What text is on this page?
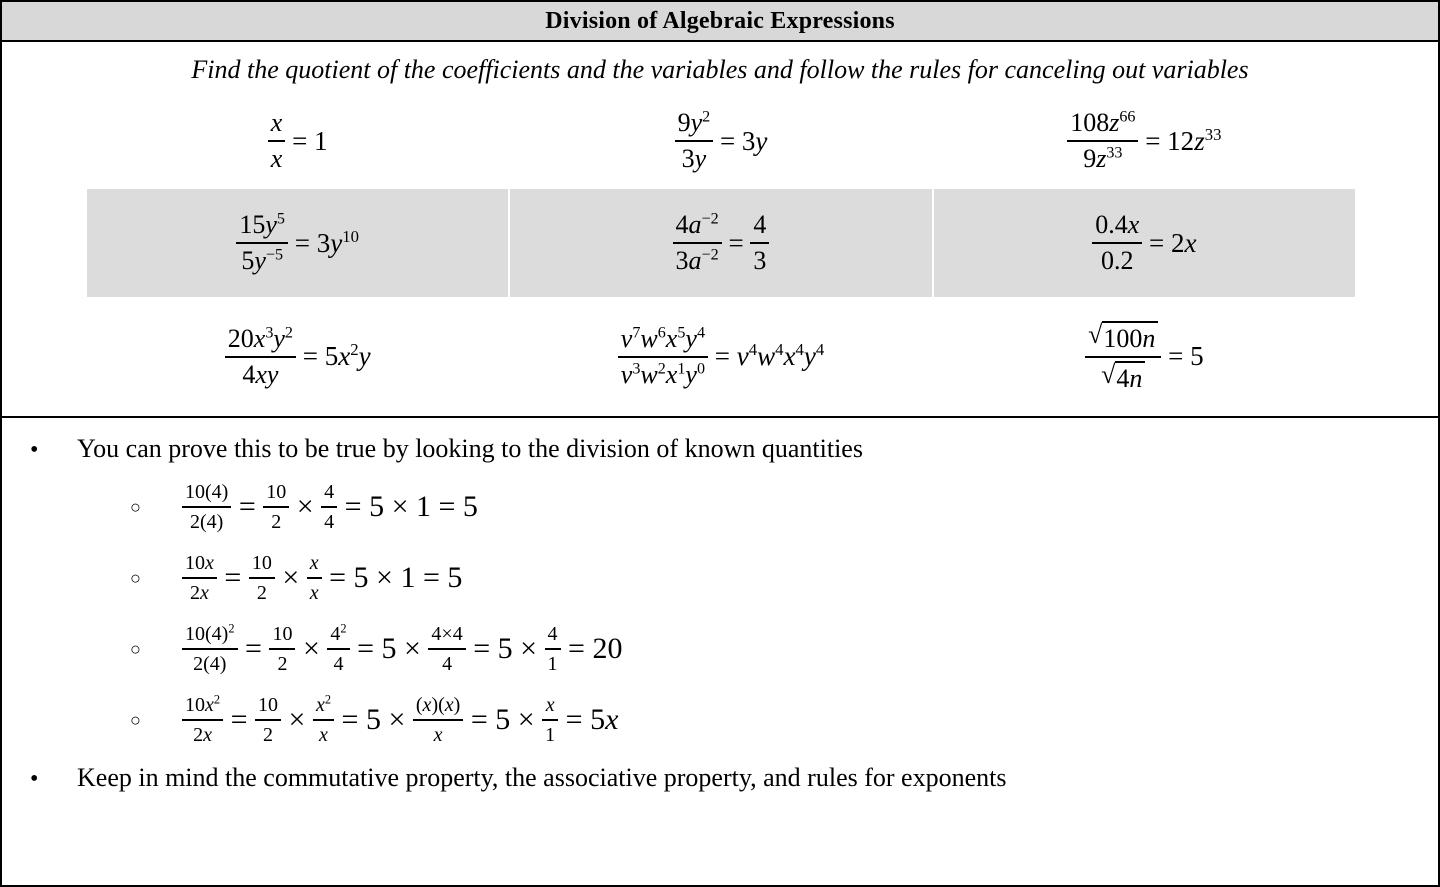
Division of Algebraic Expressions
Find the quotient of the coefficients and the variables and follow the rules for canceling out variables
$\frac{x}{x} = 1$	$\frac{9y^2}{3y} = 3y$	$\frac{108z^{66}}{9z^{33}} = 12z^{33}$
$\frac{15y^5}{5y^{-5}} = 3y^{10}$	$\frac{4a^{-2}}{3a^{-2}} = \frac{4}{3}$	$\frac{0.4x}{0.2} = 2x$
$\frac{20x^3y^2}{4xy} = 5x^2y$	$\frac{v^7w^6x^5y^4}{v^3w^2x^1y^0} = v^4w^4x^4y^4$	$\frac{√ 100n}{√ 4n} = 5$
•	You can prove this to be true by looking to the division of known quantities
○	$\frac{10(4)}{2(4)} = \frac{10}{2} \times \frac{4}{4} = 5 \times 1 = 5$
○	$\frac{10x}{2x} = \frac{10}{2} \times \frac{x}{x} = 5 \times 1 = 5$
○	$\frac{10(4)^2}{2(4)} = \frac{10}{2} \times \frac{4^2}{4} = 5 \times \frac{4\times 4}{4} = 5 \times \frac{4}{1} = 20$
○	$\frac{10x^2}{2x} = \frac{10}{2} \times \frac{x^2}{x} = 5 \times \frac{(x)(x)}{x} = 5 \times \frac{x}{1} = 5x$
•	Keep in mind the commutative property, the associative property, and rules for exponents
